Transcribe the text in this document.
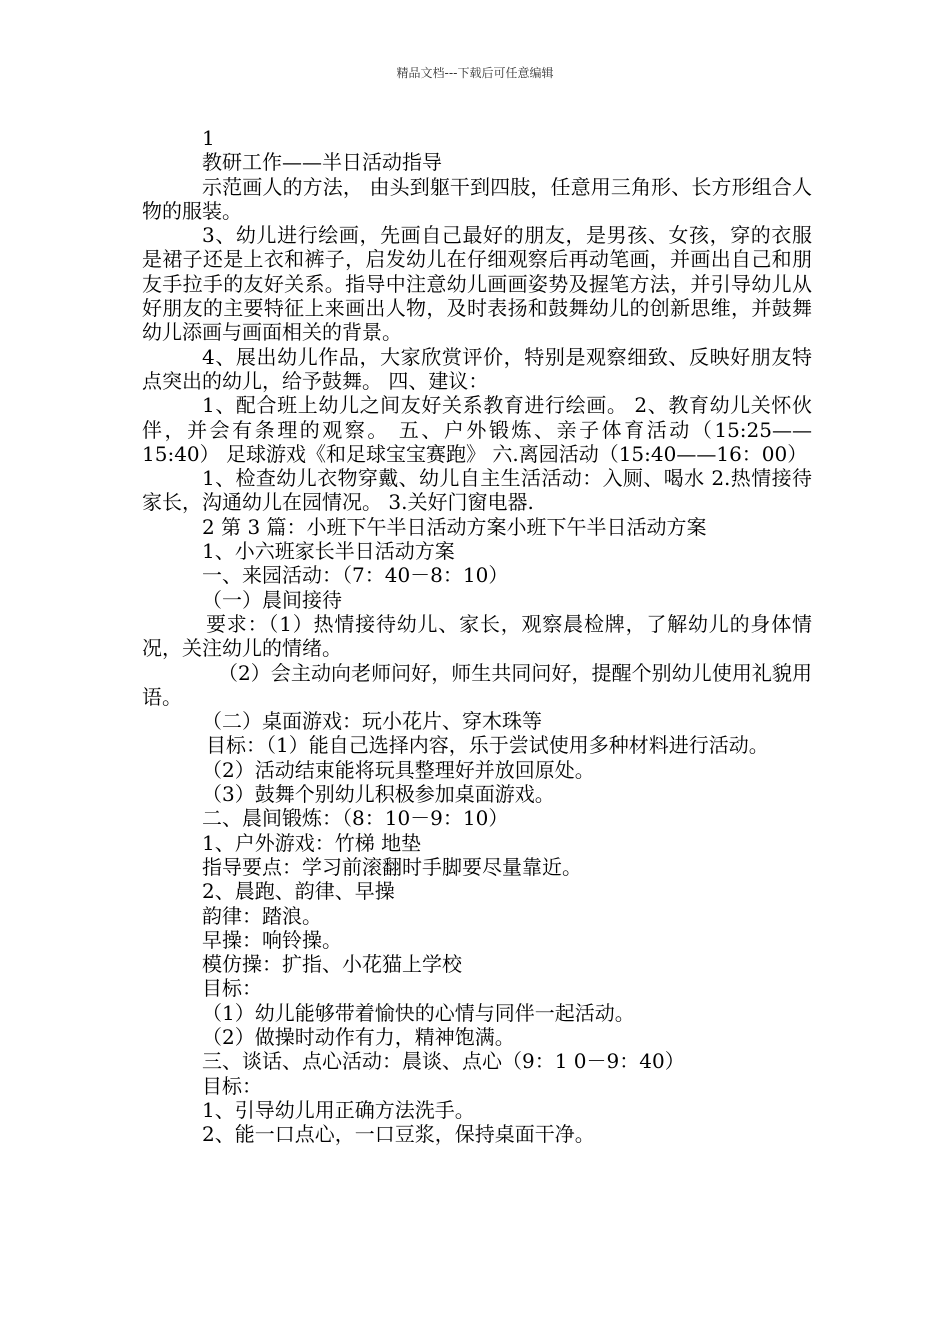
精品文档---下载后可任意编辑

1

教研工作——半日活动指导

示范画人的方法， 由头到躯干到四肢，任意用三角形、长方形组合人物的服装。

3、幼儿进行绘画，先画自己最好的朋友，是男孩、女孩，穿的衣服是裙子还是上衣和裤子，启发幼儿在仔细观察后再动笔画，并画出自己和朋友手拉手的友好关系。指导中注意幼儿画画姿势及握笔方法，并引导幼儿从好朋友的主要特征上来画出人物，及时表扬和鼓舞幼儿的创新思维，并鼓舞幼儿添画与画面相关的背景。

4、展出幼儿作品，大家欣赏评价，特别是观察细致、反映好朋友特点突出的幼儿，给予鼓舞。 四、建议：

1、配合班上幼儿之间友好关系教育进行绘画。 2、教育幼儿关怀伙伴，并会有条理的观察。 五、户外锻炼、亲子体育活动（15:25——15:40） 足球游戏《和足球宝宝赛跑》 六.离园活动（15:40——16：00）

1、检查幼儿衣物穿戴、幼儿自主生活活动：入厕、喝水 2.热情接待家长，沟通幼儿在园情况。 3.关好门窗电器.

2 第 3 篇：小班下午半日活动方案小班下午半日活动方案

1、小六班家长半日活动方案

一、来园活动：（7：40－8：10）

（一）晨间接待

要求：（1）热情接待幼儿、家长，观察晨检牌，了解幼儿的身体情况，关注幼儿的情绪。

（2）会主动向老师问好，师生共同问好，提醒个别幼儿使用礼貌用语。

（二）桌面游戏：玩小花片、穿木珠等

目标：（1）能自己选择内容，乐于尝试使用多种材料进行活动。

（2）活动结束能将玩具整理好并放回原处。

（3）鼓舞个别幼儿积极参加桌面游戏。

二、晨间锻炼：（8：10－9：10）

1、户外游戏：竹梯 地垫

指导要点：学习前滚翻时手脚要尽量靠近。

2、晨跑、韵律、早操

韵律：踏浪。

早操：响铃操。

模仿操：扩指、小花猫上学校

目标：

（1）幼儿能够带着愉快的心情与同伴一起活动。

（2）做操时动作有力，精神饱满。

三、谈话、点心活动：晨谈、点心（9：1 0－9：40）

目标：

1、引导幼儿用正确方法洗手。

2、能一口点心，一口豆浆，保持桌面干净。
